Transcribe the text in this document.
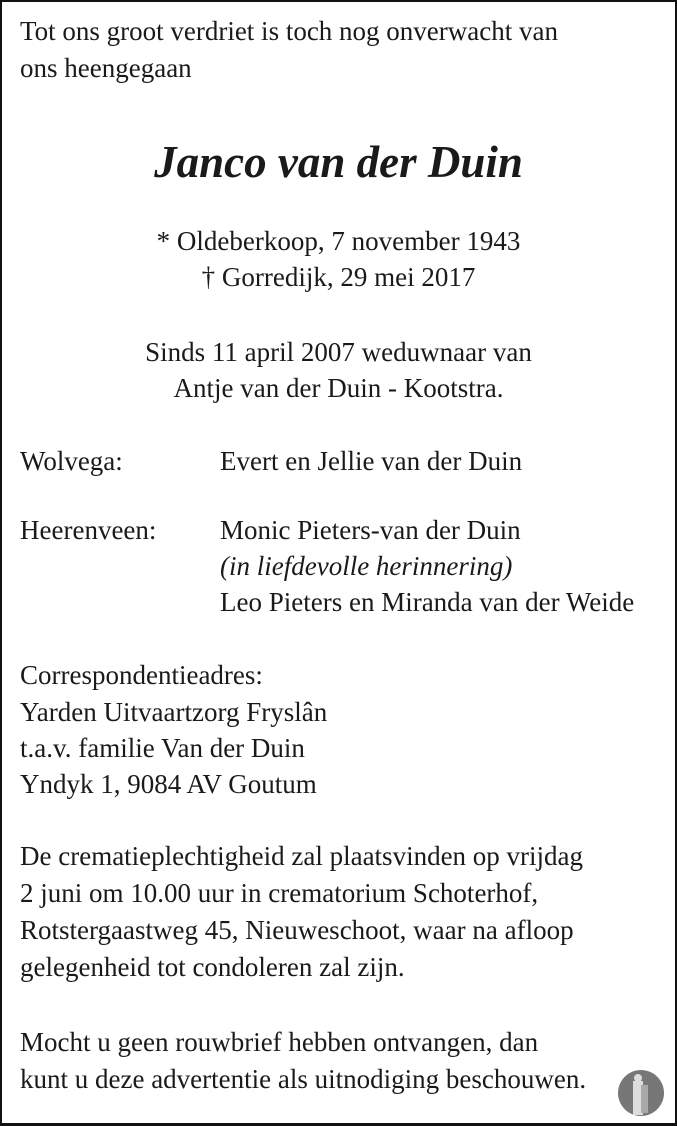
Tot ons groot verdriet is toch nog onverwacht van
ons heengegaan
Janco van der Duin
* Oldeberkoop, 7 november 1943
† Gorredijk, 29 mei 2017
Sinds 11 april 2007 weduwnaar van
Antje van der Duin - Kootstra.
Wolvega:	Evert en Jellie van der Duin
Heerenveen: Monic Pieters-van der Duin
(in liefdevolle herinnering)
Leo Pieters en Miranda van der Weide
Correspondentieadres:
Yarden Uitvaartzorg Fryslân
t.a.v. familie Van der Duin
Yndyk 1, 9084 AV Goutum
De crematieplechtigheid zal plaatsvinden op vrijdag
2 juni om 10.00 uur in crematorium Schoterhof,
Rotstergaastweg 45, Nieuweschoot, waar na afloop
gelegenheid tot condoleren zal zijn.
Mocht u geen rouwbrief hebben ontvangen, dan
kunt u deze advertentie als uitnodiging beschouwen.
